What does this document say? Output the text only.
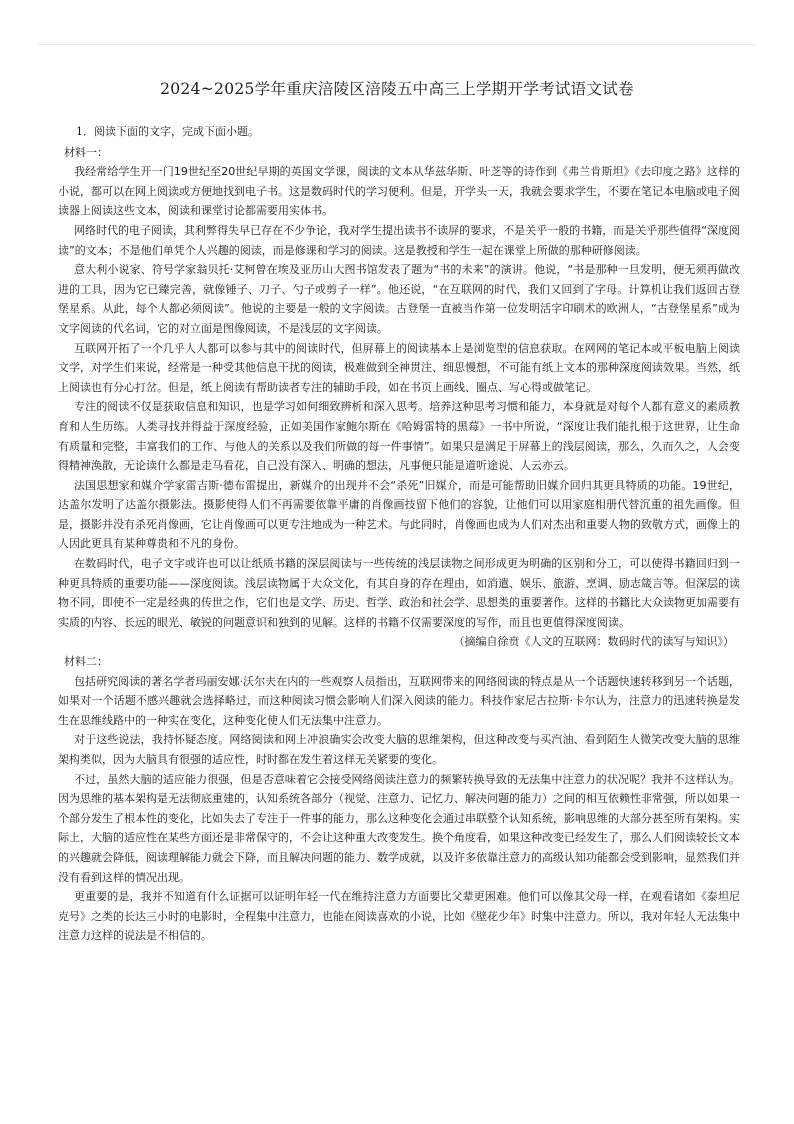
2024~2025学年重庆涪陵区涪陵五中高三上学期开学考试语文试卷
1．阅读下面的文字，完成下面小题。
材料一：

我经常给学生开一门19世纪至20世纪早期的英国文学课，阅读的文本从华兹华斯、叶芝等的诗作到《弗兰肯斯坦》《去印度之路》这样的小说，都可以在网上阅读或方便地找到电子书。这是数码时代的学习便利。但是，开学头一天，我就会要求学生，不要在笔记本电脑或电子阅读器上阅读这些文本，阅读和课堂讨论都需要用实体书。

网络时代的电子阅读，其利弊得失早已存在不少争论，我对学生提出读书不读屏的要求，不是关乎一般的书籍，而是关乎那些值得“深度阅读”的文本；不是他们单凭个人兴趣的阅读，而是修课和学习的阅读。这是教授和学生一起在课堂上所做的那种研修阅读。

意大利小说家、符号学家翁贝托·艾柯曾在埃及亚历山大图书馆发表了题为“书的未来”的演讲。他说，“书是那种一旦发明，便无须再做改进的工具，因为它已臻完善，就像锤子、刀子、勺子或剪子一样”。他还说，“在互联网的时代，我们又回到了字母。计算机让我们返回古登堡星系。从此，每个人都必须阅读”。他说的主要是一般的文字阅读。古登堡一直被当作第一位发明活字印刷术的欧洲人，“古登堡星系”成为文字阅读的代名词，它的对立面是图像阅读，不是浅层的文字阅读。

互联网开拓了一个几乎人人都可以参与其中的阅读时代，但屏幕上的阅读基本上是浏览型的信息获取。在网网的笔记本或平板电脑上阅读文学，对学生们来说，经常是一种受其他信息干扰的阅读，极难做到全神贯注、细思慢想，不可能有纸上文本的那种深度阅读效果。当然，纸上阅读也有分心打岔。但是，纸上阅读有帮助读者专注的辅助手段，如在书页上画线、圈点、写心得或做笔记。

专注的阅读不仅是获取信息和知识，也是学习如何细致辨析和深入思考。培养这种思考习惯和能力，本身就是对每个人都有意义的素质教育和人生历练。人类寻找并得益于深度经验，正如美国作家鲍尔斯在《哈姆雷特的黑莓》一书中所说，“深度让我们能扎根于这世界，让生命有质量和完整，丰富我们的工作、与他人的关系以及我们所做的每一件事情”。如果只是满足于屏幕上的浅层阅读，那么，久而久之，人会变得精神涣散，无论读什么都是走马看花，自己没有深入、明确的想法，凡事便只能是道听途说、人云亦云。

法国思想家和媒介学家雷吉斯·德布雷提出，新媒介的出现并不会“杀死”旧媒介，而是可能帮助旧媒介回归其更具特质的功能。19世纪，达盖尔发明了达盖尔摄影法。摄影使得人们不再需要依靠平庸的肖像画技留下他们的容貌，让他们可以用家庭相册代替沉重的祖先画像。但是，摄影并没有杀死肖像画，它让肖像画可以更专注地成为一种艺术。与此同时，肖像画也成为人们对杰出和重要人物的致敬方式，画像上的人因此更具有某种尊贵和不凡的身份。

在数码时代，电子文字或许也可以让纸质书籍的深层阅读与一些传统的浅层读物之间形成更为明确的区别和分工，可以使得书籍回归到一种更具特质的重要功能——深度阅读。浅层读物属于大众文化，有其自身的存在理由，如消遣、娱乐、旅游、烹调、励志箴言等。但深层的读物不同，即使不一定是经典的传世之作，它们也是文学、历史、哲学、政治和社会学、思想类的重要著作。这样的书籍比大众读物更加需要有实质的内容、长远的眼光、敏锐的问题意识和独到的见解。这样的书籍不仅需要深度的写作，而且也更值得深度阅读。

（摘编自徐贲《人文的互联网：数码时代的读写与知识》）

材料二：

包括研究阅读的著名学者玛丽安娜·沃尔夫在内的一些观察人员指出，互联网带来的网络阅读的特点是从一个话题快速转移到另一个话题，如果对一个话题不感兴趣就会选择略过，而这种阅读习惯会影响人们深入阅读的能力。科技作家尼古拉斯·卡尔认为，注意力的迅速转换是发生在思维线路中的一种实在变化，这种变化使人们无法集中注意力。

对于这些说法，我持怀疑态度。网络阅读和网上冲浪确实会改变大脑的思维架构，但这种改变与买汽油、看到陌生人微笑改变大脑的思维架构类似，因为大脑具有很强的适应性，时时都在发生着这样无关紧要的变化。

不过，虽然大脑的适应能力很强，但是否意味着它会接受网络阅读注意力的频繁转换导致的无法集中注意力的状况呢？我并不这样认为。因为思维的基本架构是无法彻底重建的，认知系统各部分（视觉、注意力、记忆力、解决问题的能力）之间的相互依赖性非常强，所以如果一个部分发生了根本性的变化，比如失去了专注于一件事的能力，那么这种变化会通过串联整个认知系统，影响思维的大部分甚至所有架构。实际上，大脑的适应性在某些方面还是非常保守的，不会让这种重大改变发生。换个角度看，如果这种改变已经发生了，那么人们阅读较长文本的兴趣就会降低，阅读理解能力就会下降，而且解决问题的能力、数学成就，以及许多依靠注意力的高级认知功能都会受到影响，显然我们并没有看到这样的情况出现。

更重要的是，我并不知道有什么证据可以证明年轻一代在维持注意力方面要比父辈更困难。他们可以像其父母一样，在观看诸如《泰坦尼克号》之类的长达三小时的电影时，全程集中注意力，也能在阅读喜欢的小说，比如《壁花少年》时集中注意力。所以，我对年轻人无法集中注意力这样的说法是不相信的。
